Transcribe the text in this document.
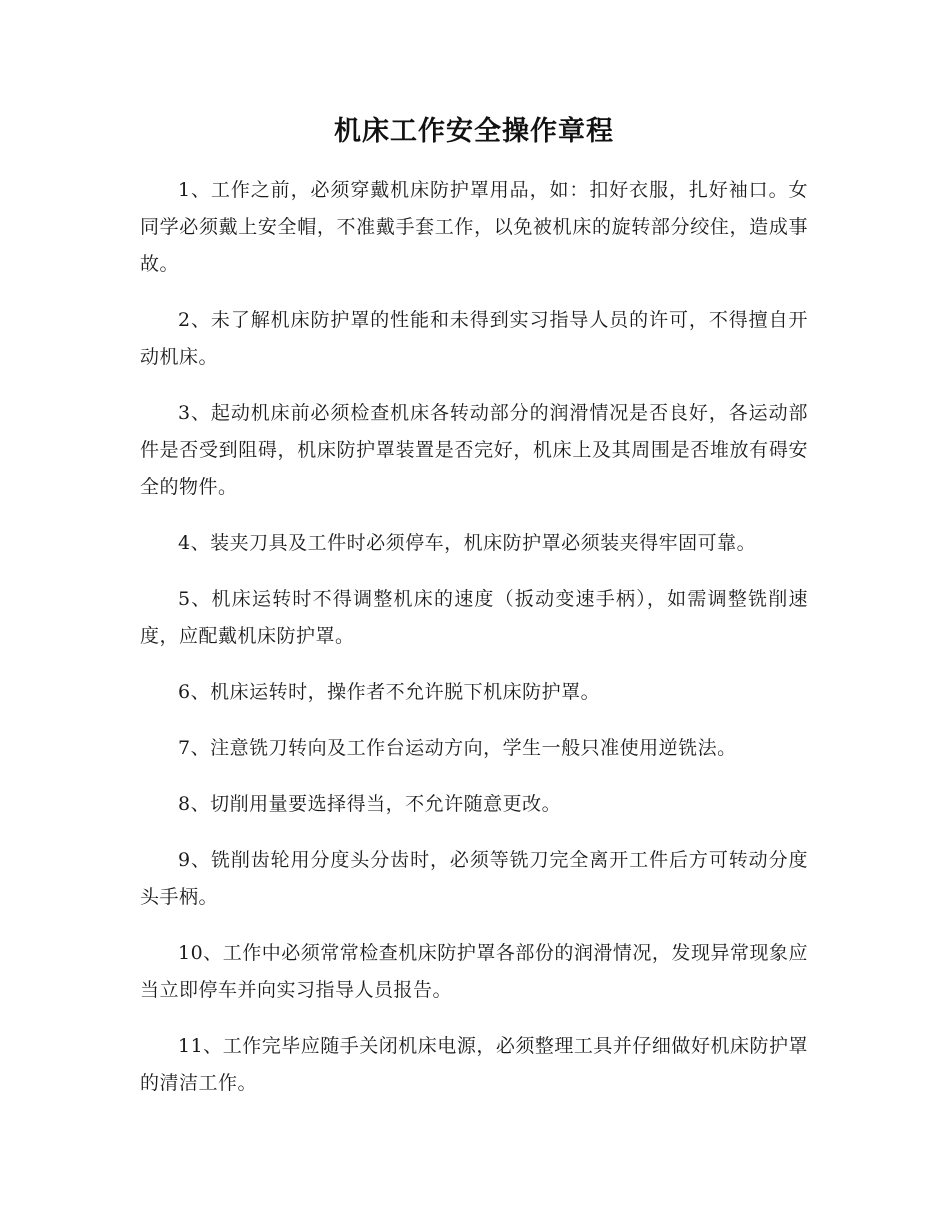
机床工作安全操作章程

1、工作之前，必须穿戴机床防护罩用品，如：扣好衣服，扎好袖口。女同学必须戴上安全帽，不准戴手套工作，以免被机床的旋转部分绞住，造成事故。

2、未了解机床防护罩的性能和未得到实习指导人员的许可，不得擅自开动机床。

3、起动机床前必须检查机床各转动部分的润滑情况是否良好，各运动部件是否受到阻碍，机床防护罩装置是否完好，机床上及其周围是否堆放有碍安全的物件。

4、装夹刀具及工件时必须停车，机床防护罩必须装夹得牢固可靠。

5、机床运转时不得调整机床的速度（扳动变速手柄），如需调整铣削速度，应配戴机床防护罩。

6、机床运转时，操作者不允许脱下机床防护罩。

7、注意铣刀转向及工作台运动方向，学生一般只准使用逆铣法。

8、切削用量要选择得当，不允许随意更改。

9、铣削齿轮用分度头分齿时，必须等铣刀完全离开工件后方可转动分度头手柄。

10、工作中必须常常检查机床防护罩各部份的润滑情况，发现异常现象应当立即停车并向实习指导人员报告。

11、工作完毕应随手关闭机床电源，必须整理工具并仔细做好机床防护罩的清洁工作。
